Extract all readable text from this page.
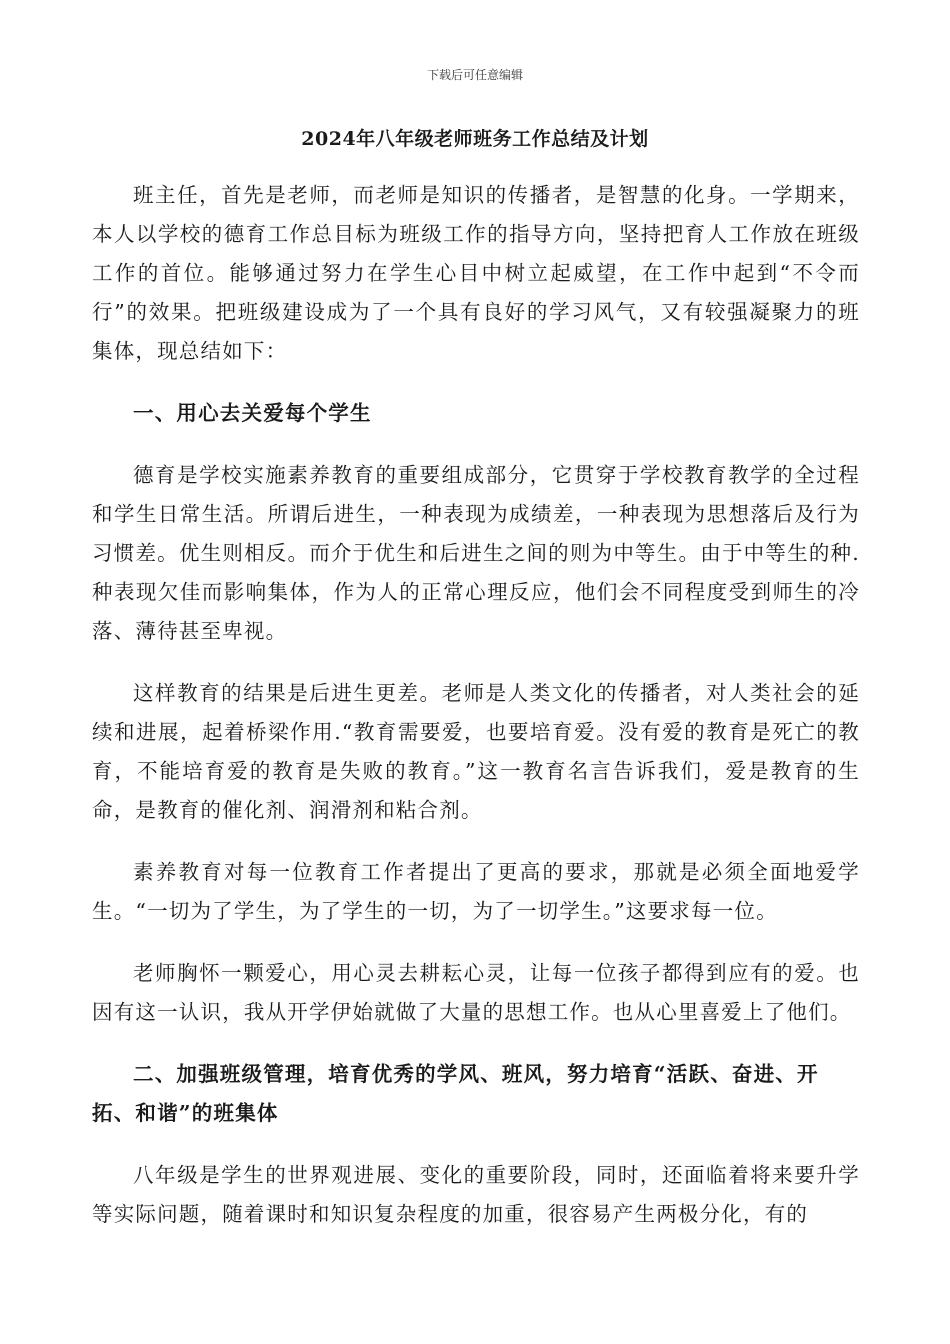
下载后可任意编辑
2024年八年级老师班务工作总结及计划

班主任，首先是老师，而老师是知识的传播者，是智慧的化身。一学期来，本人以学校的德育工作总目标为班级工作的指导方向，坚持把育人工作放在班级工作的首位。能够通过努力在学生心目中树立起威望，在工作中起到“不令而行”的效果。把班级建设成为了一个具有良好的学习风气，又有较强凝聚力的班集体，现总结如下：

一、用心去关爱每个学生

德育是学校实施素养教育的重要组成部分，它贯穿于学校教育教学的全过程和学生日常生活。所谓后进生，一种表现为成绩差，一种表现为思想落后及行为习惯差。优生则相反。而介于优生和后进生之间的则为中等生。由于中等生的种.种表现欠佳而影响集体，作为人的正常心理反应，他们会不同程度受到师生的冷落、薄待甚至卑视。

这样教育的结果是后进生更差。老师是人类文化的传播者，对人类社会的延续和进展，起着桥梁作用.“教育需要爱，也要培育爱。没有爱的教育是死亡的教育，不能培育爱的教育是失败的教育。”这一教育名言告诉我们，爱是教育的生命，是教育的催化剂、润滑剂和粘合剂。

素养教育对每一位教育工作者提出了更高的要求，那就是必须全面地爱学生。“一切为了学生，为了学生的一切，为了一切学生。”这要求每一位。

老师胸怀一颗爱心，用心灵去耕耘心灵，让每一位孩子都得到应有的爱。也因有这一认识，我从开学伊始就做了大量的思想工作。也从心里喜爱上了他们。

二、加强班级管理，培育优秀的学风、班风，努力培育“活跃、奋进、开拓、和谐”的班集体

八年级是学生的世界观进展、变化的重要阶段，同时，还面临着将来要升学等实际问题，随着课时和知识复杂程度的加重，很容易产生两极分化，有的
